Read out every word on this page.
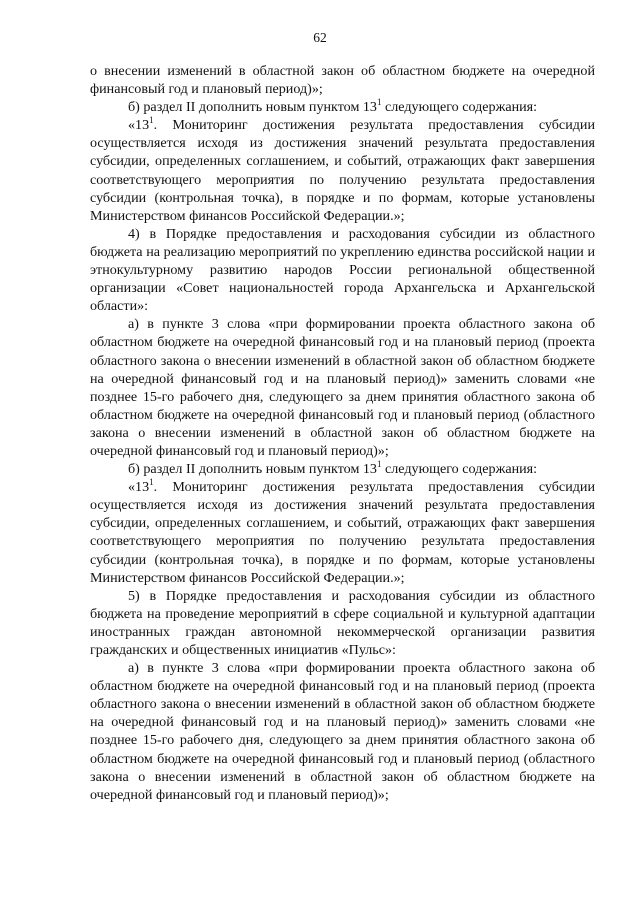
62

о внесении изменений в областной закон об областном бюджете на очередной финансовый год и плановый период)»;

б) раздел II дополнить новым пунктом $13^1$ следующего содержания:

«$13^1$. Мониторинг достижения результата предоставления субсидии осуществляется исходя из достижения значений результата предоставления субсидии, определенных соглашением, и событий, отражающих факт завершения соответствующего мероприятия по получению результата предоставления субсидии (контрольная точка), в порядке и по формам, которые установлены Министерством финансов Российской Федерации.»;

4) в Порядке предоставления и расходования субсидии из областного бюджета на реализацию мероприятий по укреплению единства российской нации и этнокультурному развитию народов России региональной общественной организации «Совет национальностей города Архангельска и Архангельской области»:

а) в пункте 3 слова «при формировании проекта областного закона об областном бюджете на очередной финансовый год и на плановый период (проекта областного закона о внесении изменений в областной закон об областном бюджете на очередной финансовый год и на плановый период)» заменить словами «не позднее 15-го рабочего дня, следующего за днем принятия областного закона об областном бюджете на очередной финансовый год и плановый период (областного закона о внесении изменений в областной закон об областном бюджете на очередной финансовый год и плановый период)»;

б) раздел II дополнить новым пунктом $13^1$ следующего содержания:

«$13^1$. Мониторинг достижения результата предоставления субсидии осуществляется исходя из достижения значений результата предоставления субсидии, определенных соглашением, и событий, отражающих факт завершения соответствующего мероприятия по получению результата предоставления субсидии (контрольная точка), в порядке и по формам, которые установлены Министерством финансов Российской Федерации.»;

5) в Порядке предоставления и расходования субсидии из областного бюджета на проведение мероприятий в сфере социальной и культурной адаптации иностранных граждан автономной некоммерческой организации развития гражданских и общественных инициатив «Пульс»:

а) в пункте 3 слова «при формировании проекта областного закона об областном бюджете на очередной финансовый год и на плановый период (проекта областного закона о внесении изменений в областной закон об областном бюджете на очередной финансовый год и на плановый период)» заменить словами «не позднее 15-го рабочего дня, следующего за днем принятия областного закона об областном бюджете на очередной финансовый год и плановый период (областного закона о внесении изменений в областной закон об областном бюджете на очередной финансовый год и плановый период)»;
